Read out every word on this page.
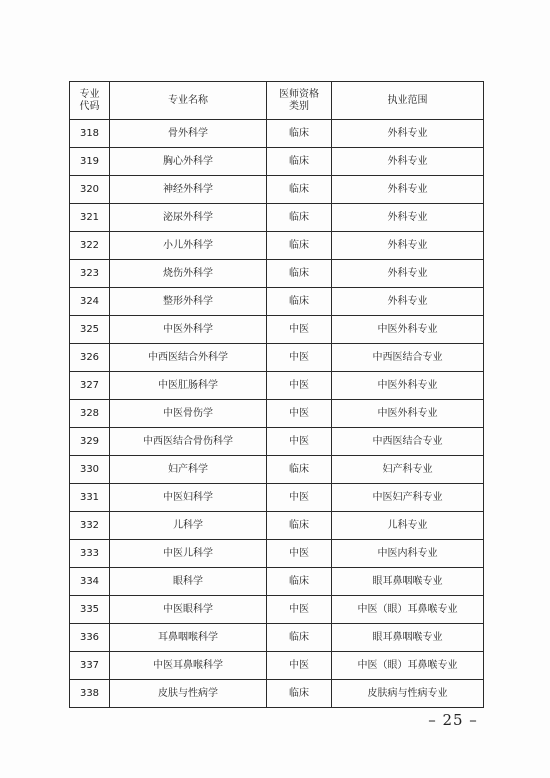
专业代码	专业名称	医师资格类别	执业范围
318	骨外科学	临床	外科专业
319	胸心外科学	临床	外科专业
320	神经外科学	临床	外科专业
321	泌尿外科学	临床	外科专业
322	小儿外科学	临床	外科专业
323	烧伤外科学	临床	外科专业
324	整形外科学	临床	外科专业
325	中医外科学	中医	中医外科专业
326	中西医结合外科学	中医	中西医结合专业
327	中医肛肠科学	中医	中医外科专业
328	中医骨伤学	中医	中医外科专业
329	中西医结合骨伤科学	中医	中西医结合专业
330	妇产科学	临床	妇产科专业
331	中医妇科学	中医	中医妇产科专业
332	儿科学	临床	儿科专业
333	中医儿科学	中医	中医内科专业
334	眼科学	临床	眼耳鼻咽喉专业
335	中医眼科学	中医	中医（眼）耳鼻喉专业
336	耳鼻咽喉科学	临床	眼耳鼻咽喉专业
337	中医耳鼻喉科学	中医	中医（眼）耳鼻喉专业
338	皮肤与性病学	临床	皮肤病与性病专业
– 25 –
